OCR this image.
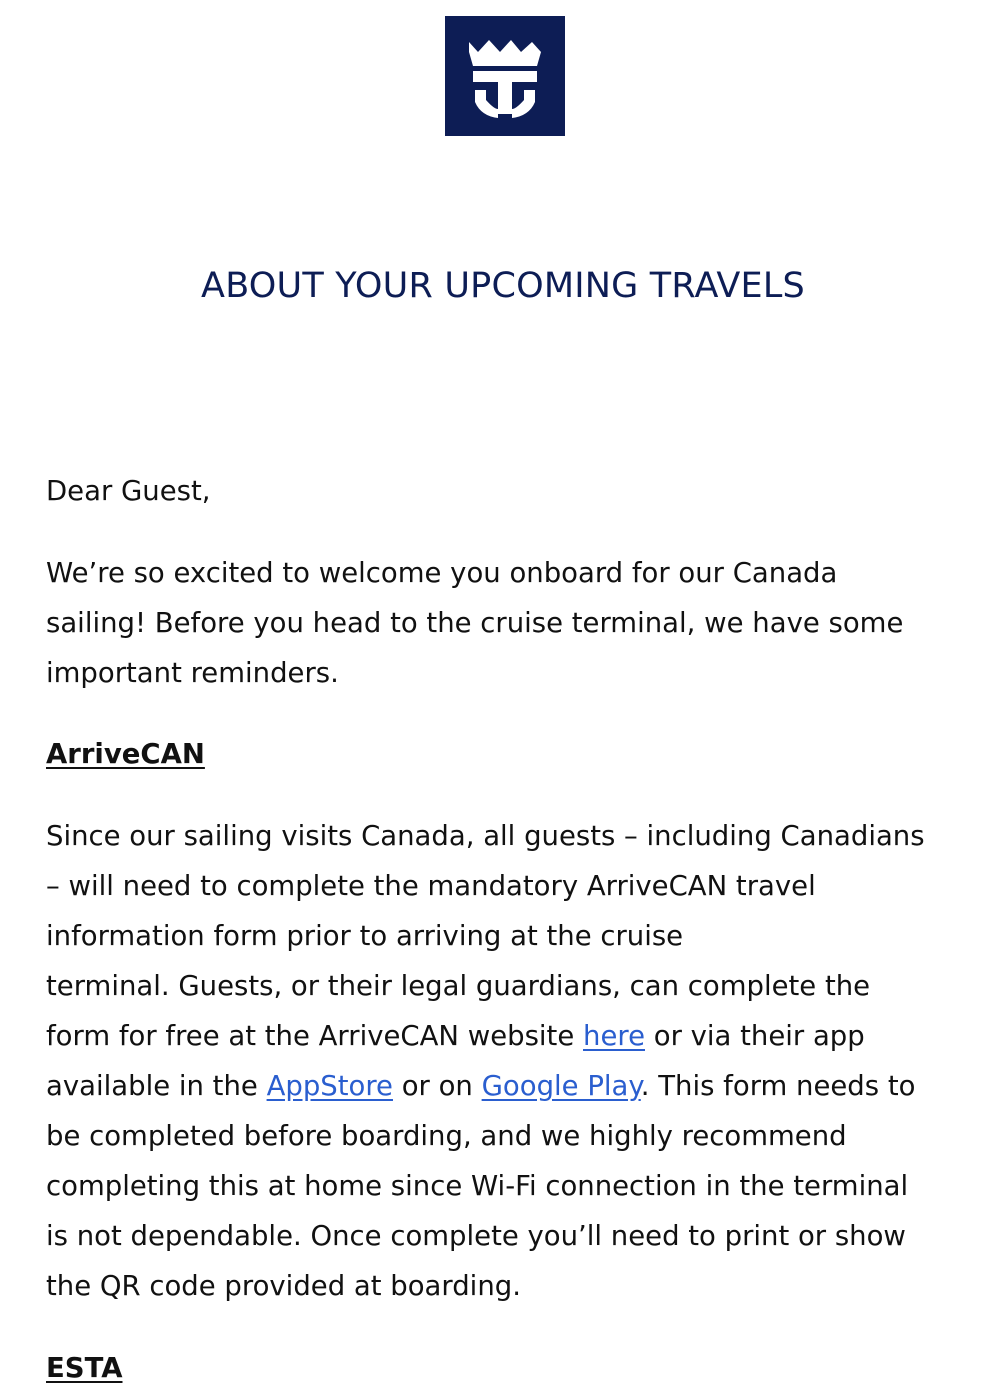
ABOUT YOUR UPCOMING TRAVELS

Dear Guest,

We’re so excited to welcome you onboard for our Canada
sailing! Before you head to the cruise terminal, we have some
important reminders.

ArriveCAN

Since our sailing visits Canada, all guests – including Canadians
– will need to complete the mandatory ArriveCAN travel
information form prior to arriving at the cruise
terminal. Guests, or their legal guardians, can complete the
form for free at the ArriveCAN website here or via their app
available in the AppStore or on Google Play. This form needs to
be completed before boarding, and we highly recommend
completing this at home since Wi-Fi connection in the terminal
is not dependable. Once complete you’ll need to print or show
the QR code provided at boarding.

ESTA
